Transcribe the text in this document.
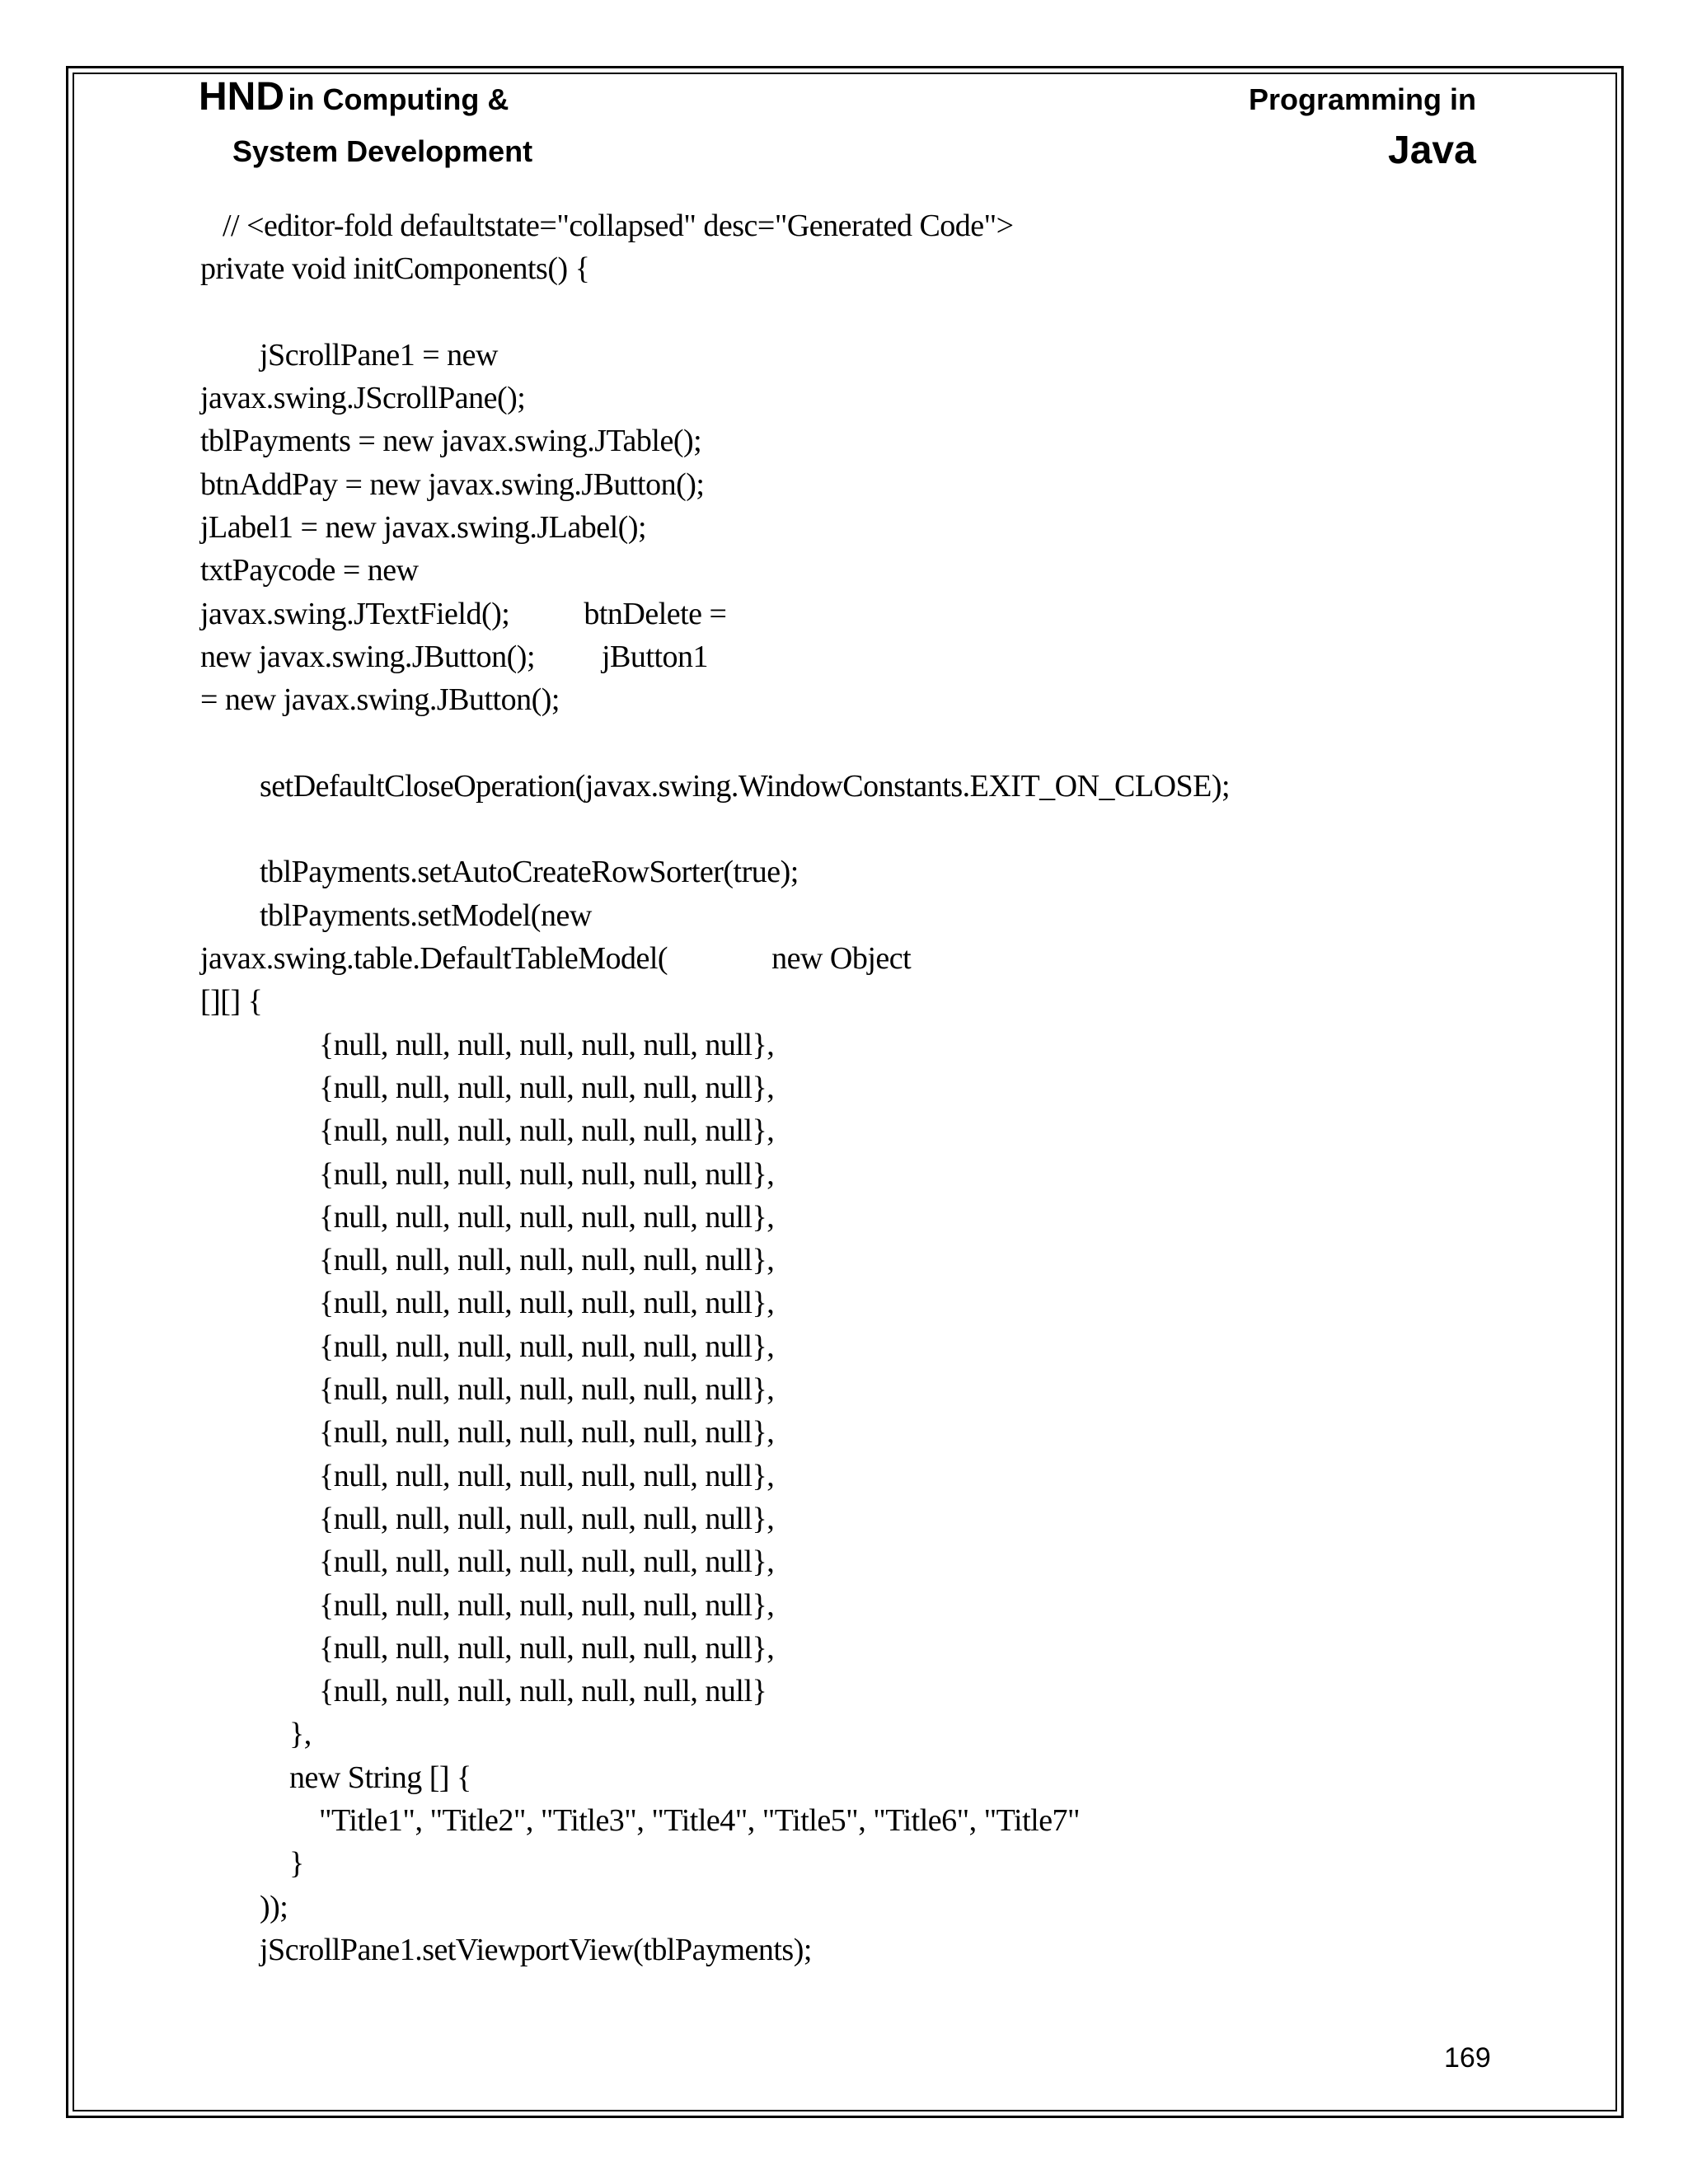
HND in Computing &
System Development
Programming in
Java
// <editor-fold defaultstate="collapsed" desc="Generated Code">
private void initComponents() {
jScrollPane1 = new
javax.swing.JScrollPane();
tblPayments = new javax.swing.JTable();
btnAddPay = new javax.swing.JButton();
jLabel1 = new javax.swing.JLabel();
txtPaycode = new
javax.swing.JTextField();          btnDelete =
new javax.swing.JButton();         jButton1
= new javax.swing.JButton();
setDefaultCloseOperation(javax.swing.WindowConstants.EXIT_ON_CLOSE);
tblPayments.setAutoCreateRowSorter(true);
tblPayments.setModel(new
javax.swing.table.DefaultTableModel(              new Object
[][] {
{null, null, null, null, null, null, null},
{null, null, null, null, null, null, null},
{null, null, null, null, null, null, null},
{null, null, null, null, null, null, null},
{null, null, null, null, null, null, null},
{null, null, null, null, null, null, null},
{null, null, null, null, null, null, null},
{null, null, null, null, null, null, null},
{null, null, null, null, null, null, null},
{null, null, null, null, null, null, null},
{null, null, null, null, null, null, null},
{null, null, null, null, null, null, null},
{null, null, null, null, null, null, null},
{null, null, null, null, null, null, null},
{null, null, null, null, null, null, null},
{null, null, null, null, null, null, null}
},
new String [] {
"Title1", "Title2", "Title3", "Title4", "Title5", "Title6", "Title7"
}
));
jScrollPane1.setViewportView(tblPayments);
169
